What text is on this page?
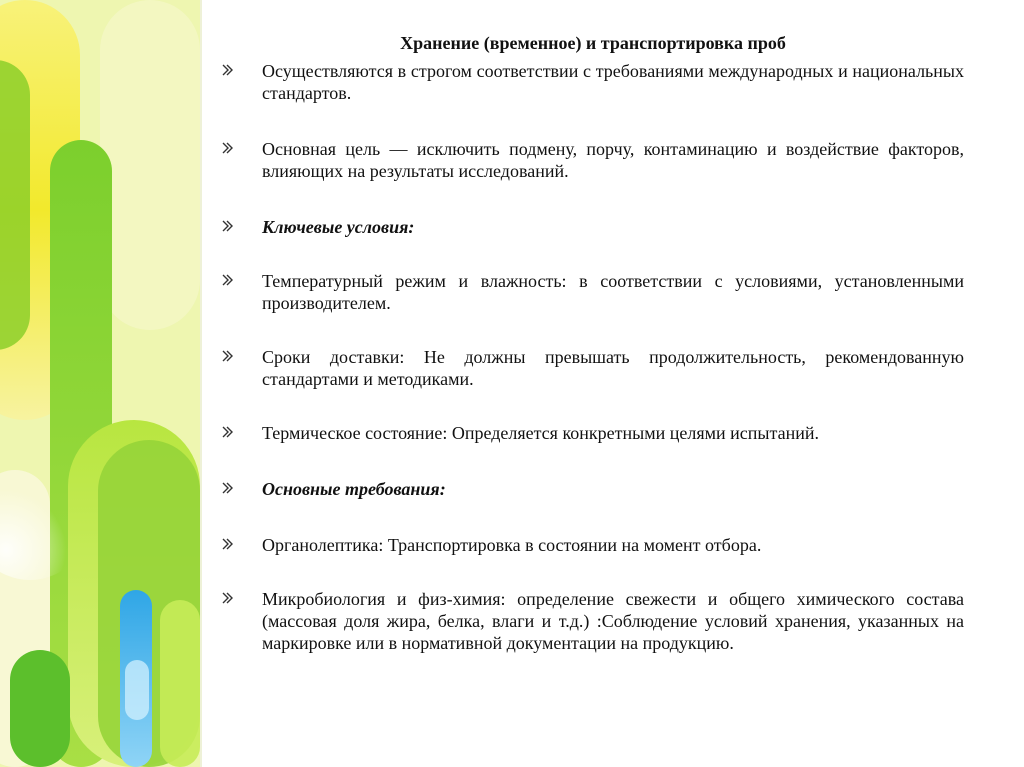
Хранение (временное) и транспортировка проб
Осуществляются в строгом соответствии с требованиями международных и национальных стандартов.
Основная цель — исключить подмену, порчу, контаминацию и воздействие факторов, влияющих на результаты исследований.
Ключевые условия:
Температурный режим и влажность: в соответствии с условиями, установленными производителем.
Сроки доставки: Не должны превышать продолжительность, рекомендованную стандартами и методиками.
Термическое состояние: Определяется конкретными целями испытаний.
Основные требования:
Органолептика: Транспортировка в состоянии на момент отбора.
Микробиология и физ-химия: определение свежести и общего химического состава (массовая доля жира, белка, влаги и т.д.) :Соблюдение условий хранения, указанных на маркировке или в нормативной документации на продукцию.
